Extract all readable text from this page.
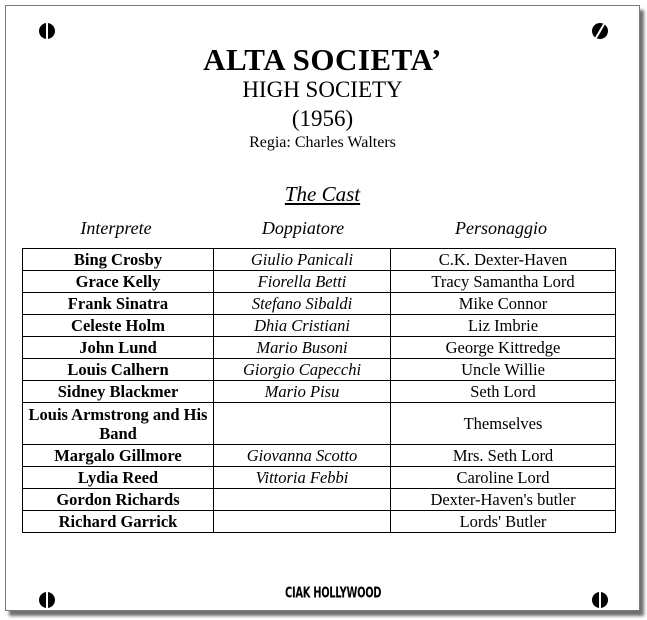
ALTA SOCIETA’
HIGH SOCIETY
(1956)
Regia: Charles Walters
The Cast
Interprete	Doppiatore	Personaggio
Bing Crosby	Giulio Panicali	C.K. Dexter-Haven
Grace Kelly	Fiorella Betti	Tracy Samantha Lord
Frank Sinatra	Stefano Sibaldi	Mike Connor
Celeste Holm	Dhia Cristiani	Liz Imbrie
John Lund	Mario Busoni	George Kittredge
Louis Calhern	Giorgio Capecchi	Uncle Willie
Sidney Blackmer	Mario Pisu	Seth Lord
Louis Armstrong and His Band		Themselves
Margalo Gillmore	Giovanna Scotto	Mrs. Seth Lord
Lydia Reed	Vittoria Febbi	Caroline Lord
Gordon Richards		Dexter-Haven's butler
Richard Garrick		Lords' Butler
CIAK HOLLYWOOD
